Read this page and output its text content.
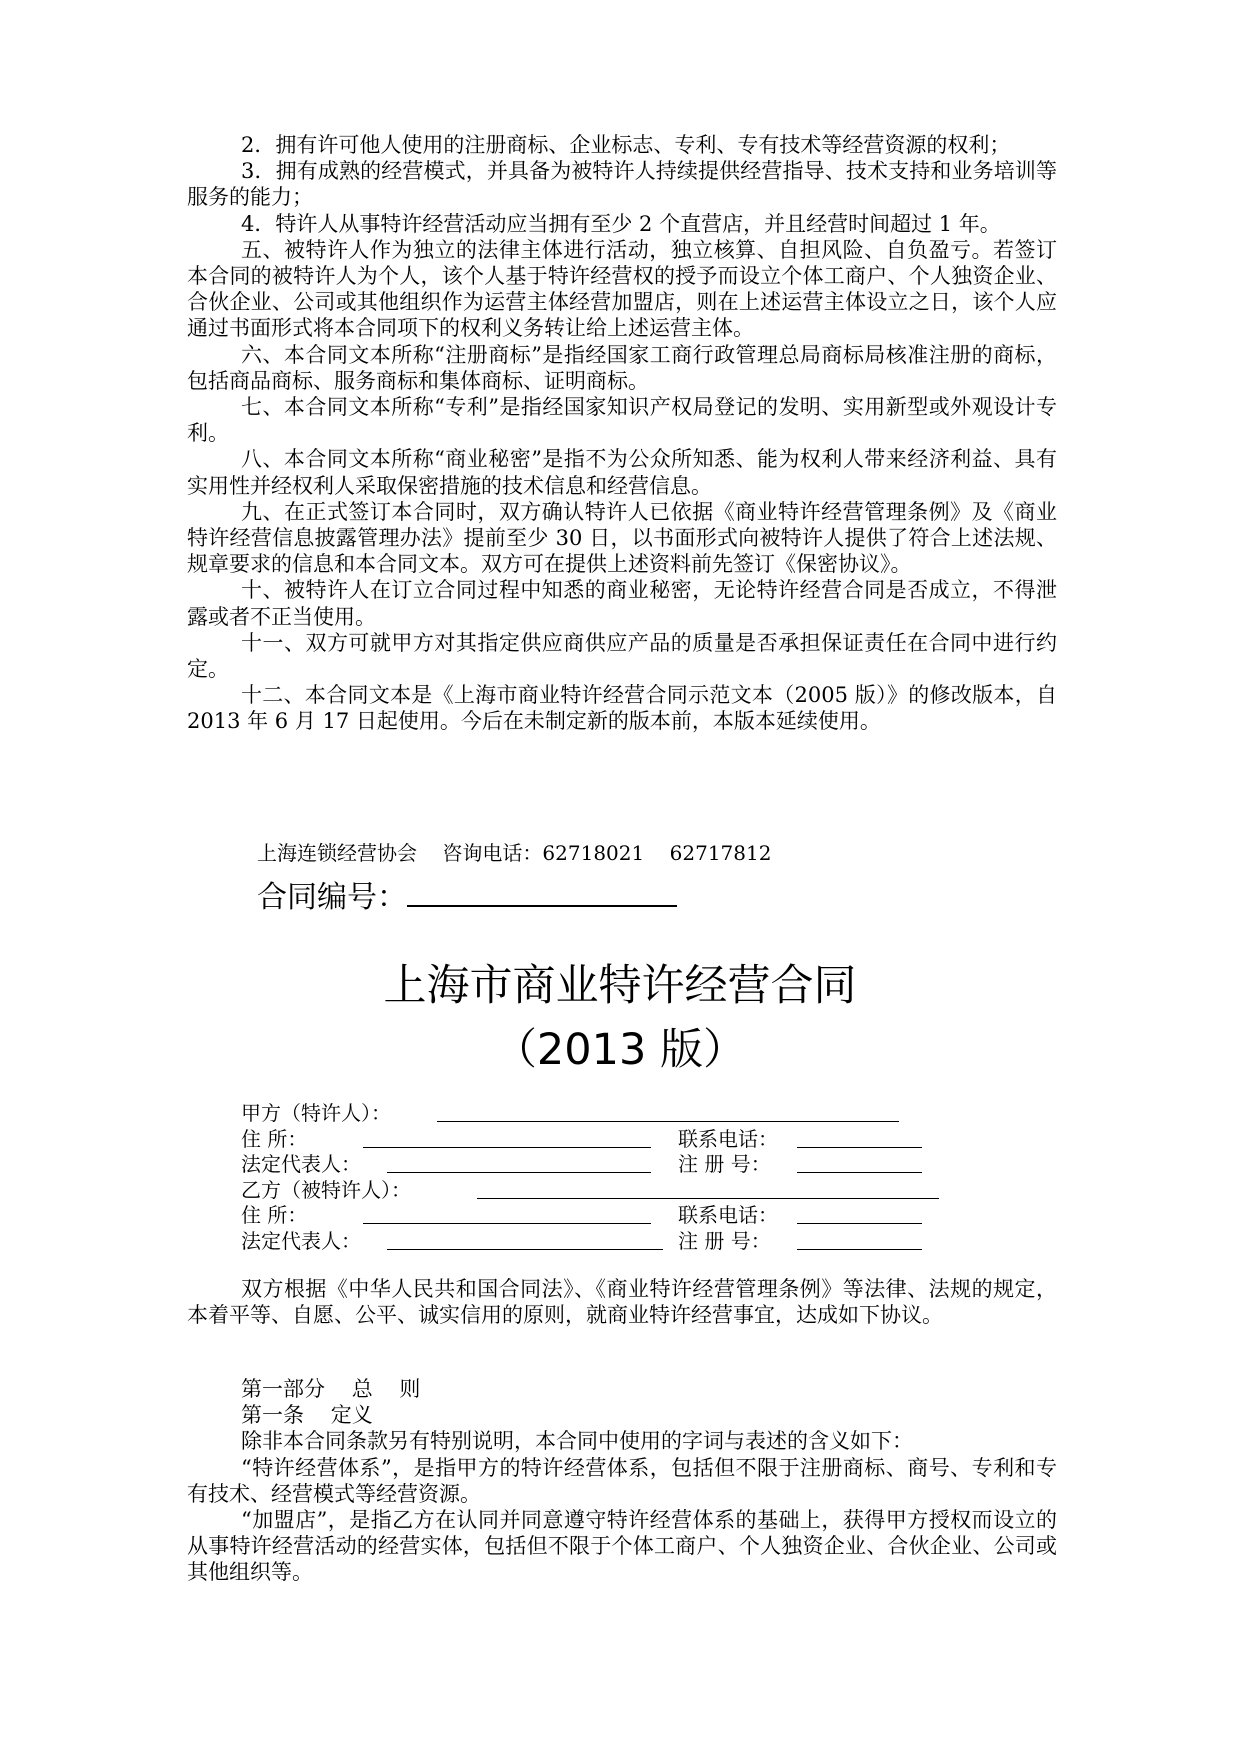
2．拥有许可他人使用的注册商标、企业标志、专利、专有技术等经营资源的权利；

3．拥有成熟的经营模式，并具备为被特许人持续提供经营指导、技术支持和业务培训等服务的能力；

4．特许人从事特许经营活动应当拥有至少 2 个直营店，并且经营时间超过 1 年。

五、被特许人作为独立的法律主体进行活动，独立核算、自担风险、自负盈亏。若签订本合同的被特许人为个人，该个人基于特许经营权的授予而设立个体工商户、个人独资企业、合伙企业、公司或其他组织作为运营主体经营加盟店，则在上述运营主体设立之日，该个人应通过书面形式将本合同项下的权利义务转让给上述运营主体。

六、本合同文本所称“注册商标”是指经国家工商行政管理总局商标局核准注册的商标，包括商品商标、服务商标和集体商标、证明商标。

七、本合同文本所称“专利”是指经国家知识产权局登记的发明、实用新型或外观设计专利。

八、本合同文本所称“商业秘密”是指不为公众所知悉、能为权利人带来经济利益、具有实用性并经权利人采取保密措施的技术信息和经营信息。

九、在正式签订本合同时，双方确认特许人已依据《商业特许经营管理条例》及《商业特许经营信息披露管理办法》提前至少 30 日，以书面形式向被特许人提供了符合上述法规、规章要求的信息和本合同文本。双方可在提供上述资料前先签订《保密协议》。

十、被特许人在订立合同过程中知悉的商业秘密，无论特许经营合同是否成立，不得泄露或者不正当使用。

十一、双方可就甲方对其指定供应商供应产品的质量是否承担保证责任在合同中进行约定。

十二、本合同文本是《上海市商业特许经营合同示范文本（2005 版）》的修改版本，自 2013 年 6 月 17 日起使用。今后在未制定新的版本前，本版本延续使用。

上海连锁经营协会    咨询电话：62718021    62717812
合同编号：
上海市商业特许经营合同
（2013 版）
甲方（特许人）：
住 所：	联系电话：
法定代表人：	注 册 号：
乙方（被特许人）：
住 所：	联系电话：
法定代表人：	注 册 号：

双方根据《中华人民共和国合同法》、《商业特许经营管理条例》等法律、法规的规定，本着平等、自愿、公平、诚实信用的原则，就商业特许经营事宜，达成如下协议。

第一部分    总    则

第一条    定义

除非本合同条款另有特别说明，本合同中使用的字词与表述的含义如下：

“特许经营体系”，是指甲方的特许经营体系，包括但不限于注册商标、商号、专利和专有技术、经营模式等经营资源。

“加盟店”，是指乙方在认同并同意遵守特许经营体系的基础上，获得甲方授权而设立的从事特许经营活动的经营实体，包括但不限于个体工商户、个人独资企业、合伙企业、公司或其他组织等。
